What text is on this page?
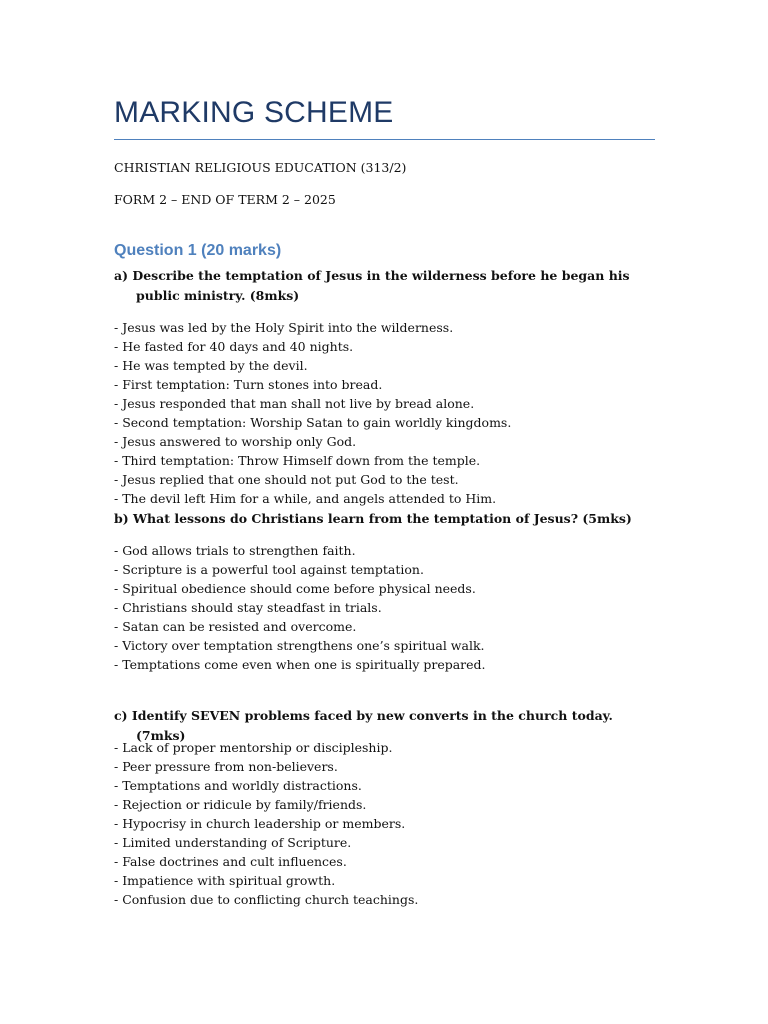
MARKING SCHEME
CHRISTIAN RELIGIOUS EDUCATION (313/2)
FORM 2 – END OF TERM 2 – 2025
Question 1 (20 marks)
a) Describe the temptation of Jesus in the wilderness before he began his public ministry. (8mks)
- Jesus was led by the Holy Spirit into the wilderness.
- He fasted for 40 days and 40 nights.
- He was tempted by the devil.
- First temptation: Turn stones into bread.
- Jesus responded that man shall not live by bread alone.
- Second temptation: Worship Satan to gain worldly kingdoms.
- Jesus answered to worship only God.
- Third temptation: Throw Himself down from the temple.
- Jesus replied that one should not put God to the test.
- The devil left Him for a while, and angels attended to Him.
b) What lessons do Christians learn from the temptation of Jesus? (5mks)
- God allows trials to strengthen faith.
- Scripture is a powerful tool against temptation.
- Spiritual obedience should come before physical needs.
- Christians should stay steadfast in trials.
- Satan can be resisted and overcome.
- Victory over temptation strengthens one’s spiritual walk.
- Temptations come even when one is spiritually prepared.
c) Identify SEVEN problems faced by new converts in the church today. (7mks)
- Lack of proper mentorship or discipleship.
- Peer pressure from non-believers.
- Temptations and worldly distractions.
- Rejection or ridicule by family/friends.
- Hypocrisy in church leadership or members.
- Limited understanding of Scripture.
- False doctrines and cult influences.
- Impatience with spiritual growth.
- Confusion due to conflicting church teachings.
